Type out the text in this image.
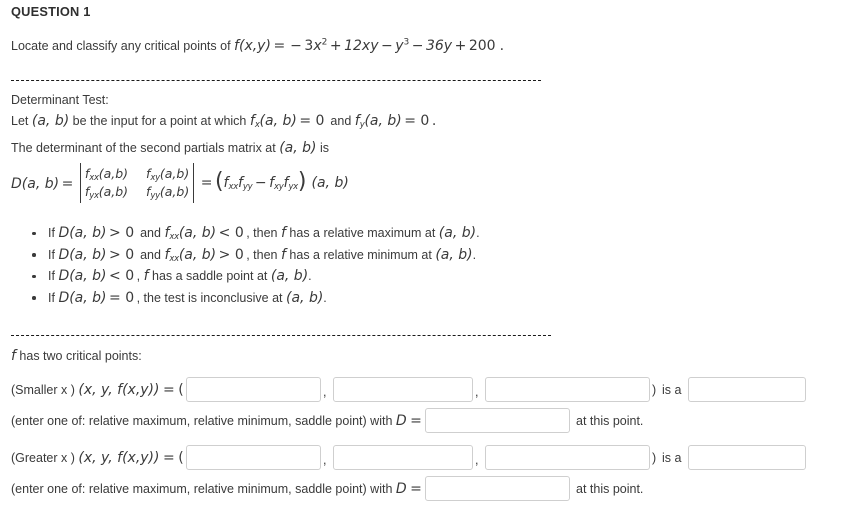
QUESTION 1
Locate and classify any critical points of f(x,y) = − $3x^2 + 12xy - y^3 - 36y + 200$ .
Determinant Test:
Let (a, b) be the input for a point at which $f_x(a$, b) = 0 and $f_y(a$, b) = 0 .
The determinant of the second partials matrix at (a, b) is
D(a, b) =
$f_{xx}(a,b)$ $f_{xy}(a,b)$
$f_{yx}(a,b) f_{yy}(a,b) = (f_{xx}f_{yy} - f_{xy}f_{yx})$ (a, b)
If D(a, b) > 0 and $f_{xx}(a$, b) < 0 , then f has a relative maximum at (a, b).
If D(a, b) > 0 and $f_{xx}(a$, b) > 0 , then f has a relative minimum at (a, b).
If D(a, b) < 0 , f has a saddle point at (a, b).
If D(a, b) = 0 , the test is inconclusive at (a, b).
f has two critical points:
(Smaller x ) (x, y, f(x,y)) = (	,	,	) is a
(enter one of: relative maximum, relative minimum, saddle point) with D =	at this point.
(Greater x ) (x, y, f(x,y)) = (	,	,	) is a
(enter one of: relative maximum, relative minimum, saddle point) with D =	at this point.
